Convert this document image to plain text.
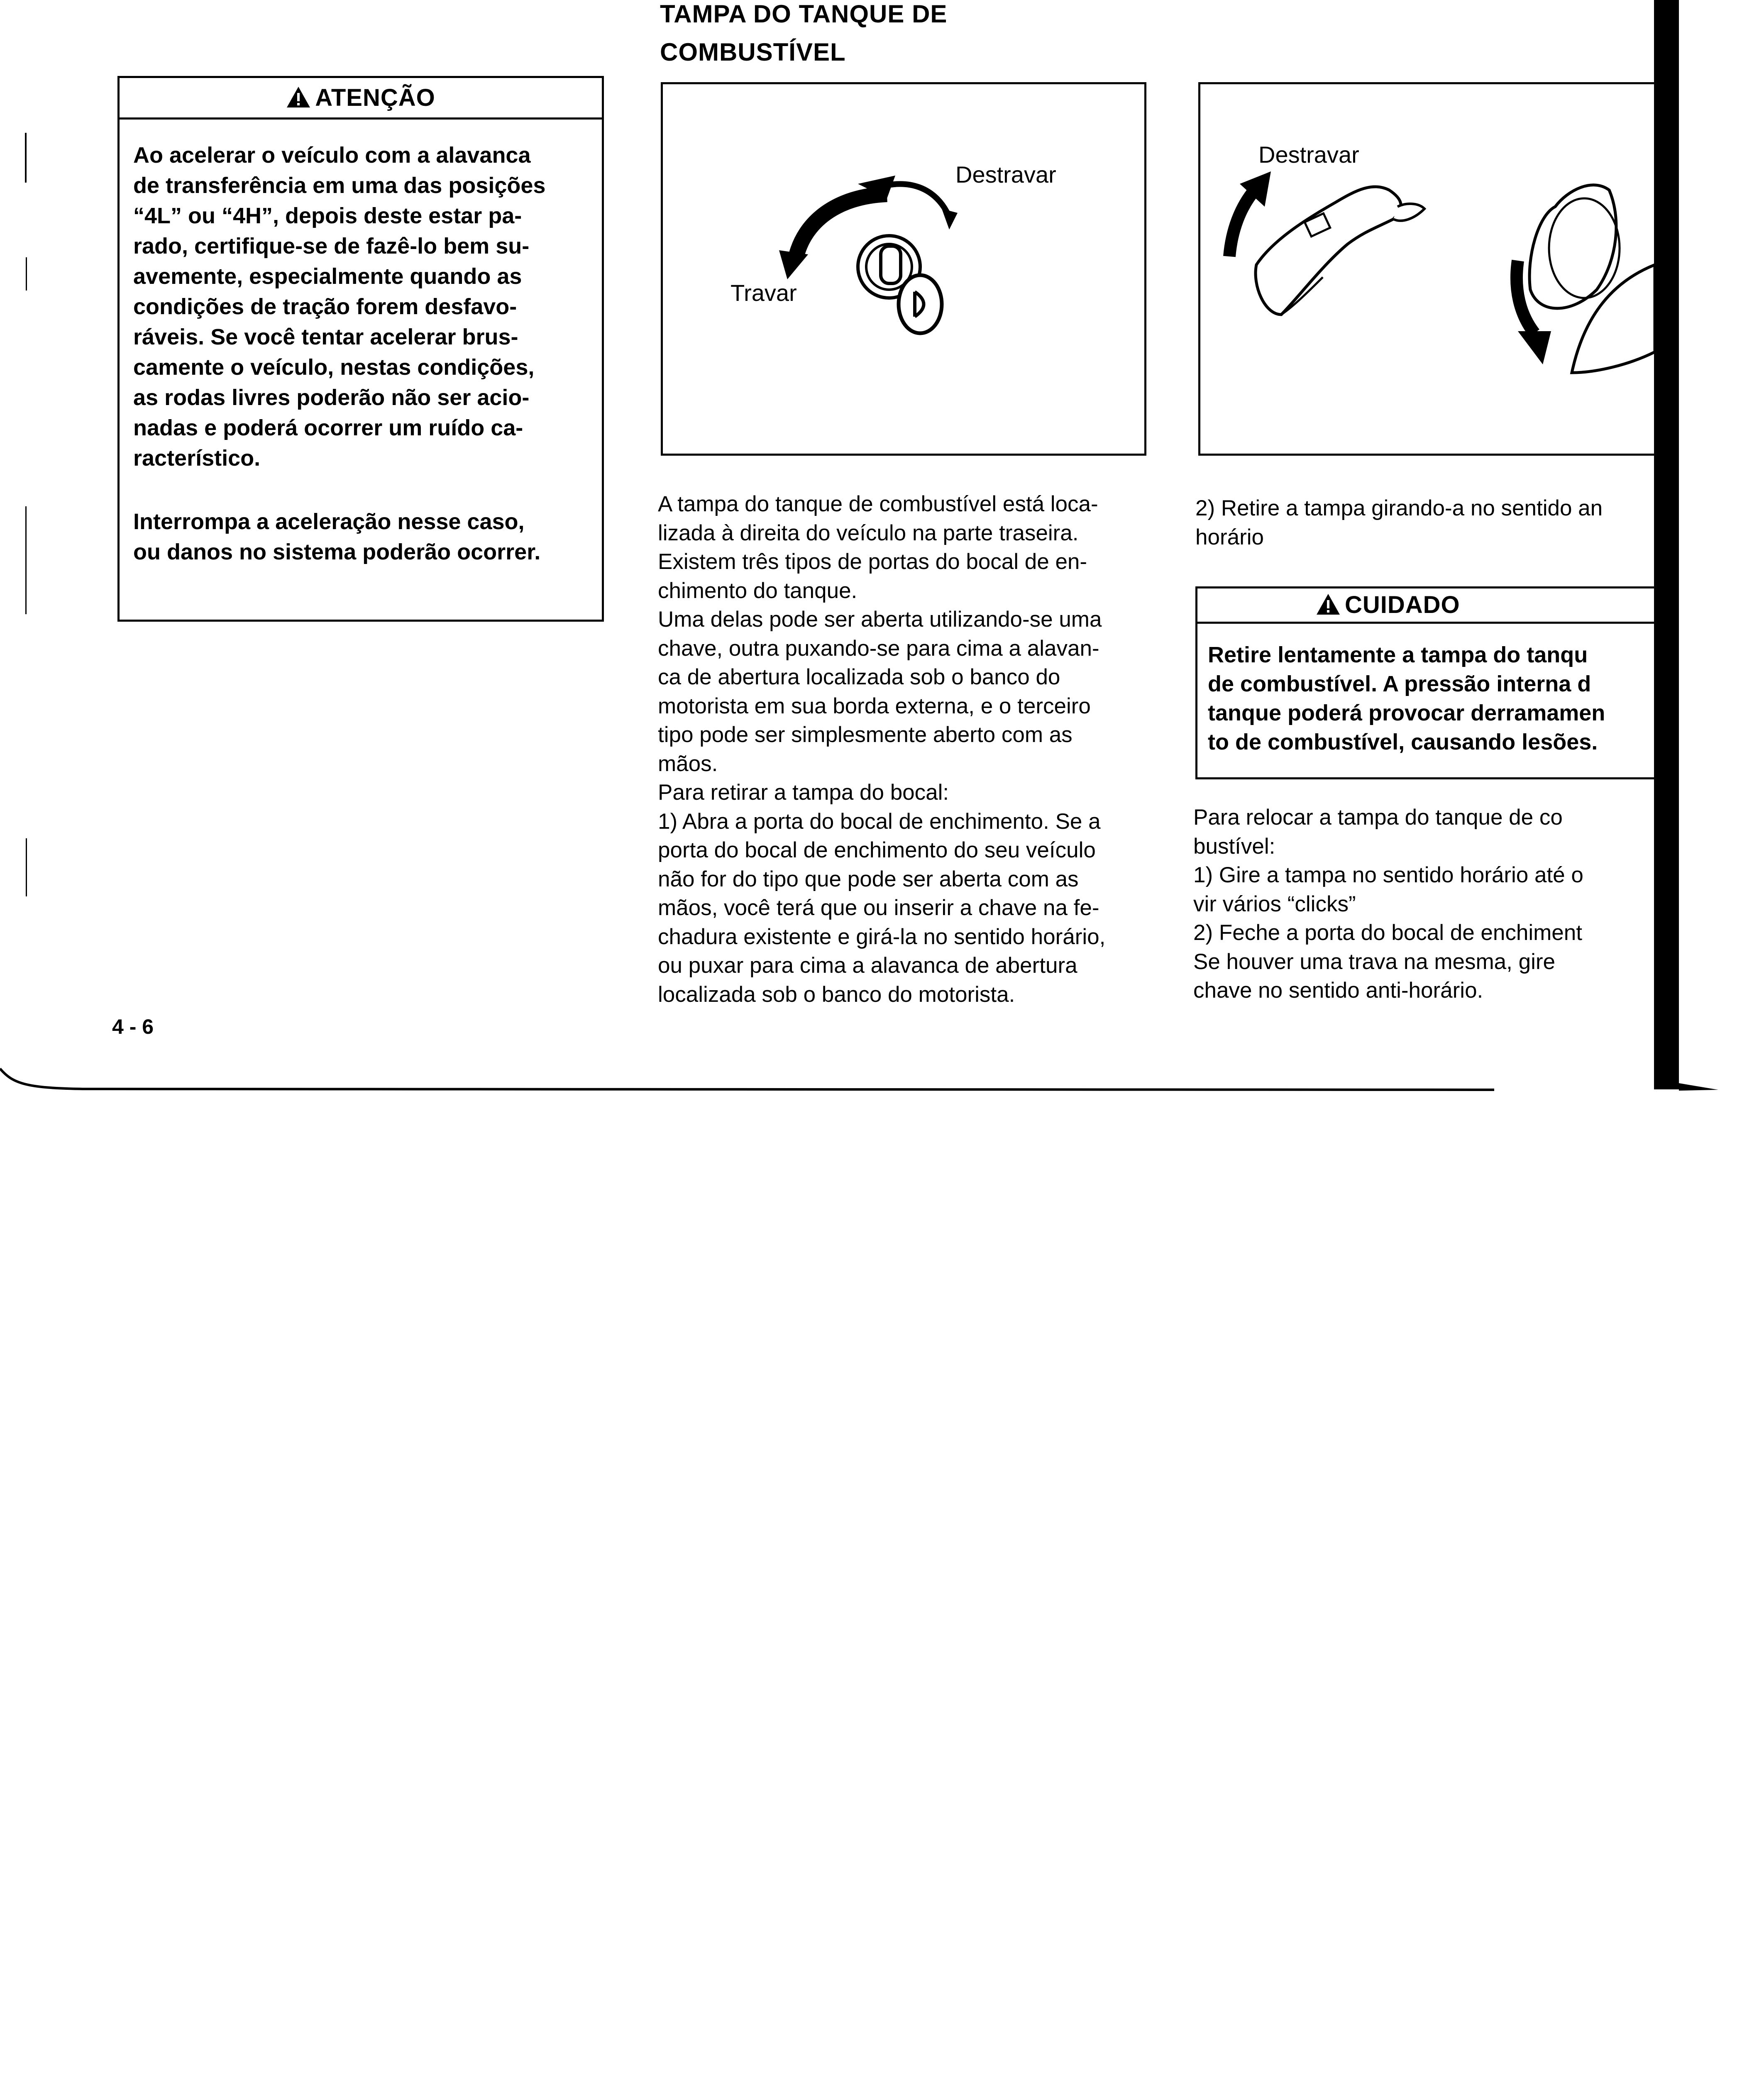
ATENÇÃO

Ao acelerar o veículo com a alavanca

de transferência em uma das posições

“4L” ou “4H”, depois deste estar pa-

rado, certifique-se de fazê-lo bem su-

avemente, especialmente quando as

condições de tração forem desfavo-

ráveis. Se você tentar acelerar brus-

camente o veículo, nestas condições,

as rodas livres poderão não ser acio-

nadas e poderá ocorrer um ruído ca-

racterístico.

Interrompa a aceleração nesse caso,

ou danos no sistema poderão ocorrer.

TAMPA DO TANQUE DE
COMBUSTÍVEL
Destravar
Travar
Destravar

A tampa do tanque de combustível está loca-

lizada à direita do veículo na parte traseira.

Existem três tipos de portas do bocal de en-

chimento do tanque.

Uma delas pode ser aberta utilizando-se uma

chave, outra puxando-se para cima a alavan-

ca de abertura localizada sob o banco do

motorista em sua borda externa, e o terceiro

tipo pode ser simplesmente aberto com as

mãos.

Para retirar a tampa do bocal:

1) Abra a porta do bocal de enchimento. Se a

porta do bocal de enchimento do seu veículo

não for do tipo que pode ser aberta com as

mãos, você terá que ou inserir a chave na fe-

chadura existente e girá-la no sentido horário,

ou puxar para cima a alavanca de abertura

localizada sob o banco do motorista.

2) Retire a tampa girando-a no sentido an

horário

CUIDADO

Retire lentamente a tampa do tanqu

de combustível. A pressão interna d

tanque poderá provocar derramamen

to de combustível, causando lesões.

Para relocar a tampa do tanque de co

bustível:

1) Gire a tampa no sentido horário até o

vir vários “clicks”

2) Feche a porta do bocal de enchiment

Se houver uma trava na mesma, gire

chave no sentido anti-horário.

4 - 6
